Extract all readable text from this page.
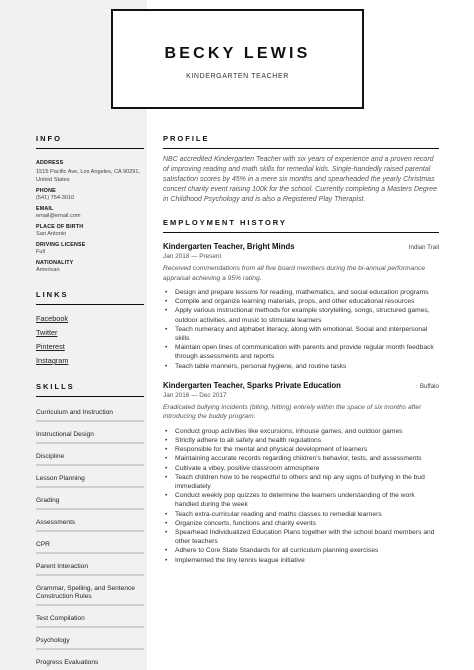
BECKY LEWIS
KINDERGARTEN TEACHER
INFO
ADDRESS
1515 Pacific Ave, Los Angeles, CA 90291, United States
PHONE
(541) 754-3010
EMAIL
email@email.com
PLACE OF BIRTH
San Antonio
DRIVING LICENSE
Full
NATIONALITY
American
LINKS
Facebook
Twitter
Pinterest
Instagram
SKILLS
Curriculum and Instruction
Instructional Design
Discipline
Lesson Planning
Grading
Assessments
CPR
Parent Interaction
Grammar, Spelling, and Sentence Construction Rules
Test Compilation
Psychology
Progress Evaluations
PROFILE
NBC accredited Kindergarten Teacher with six years of experience and a proven record of improving reading and math skills for remedial kids. Single-handedly raised parental satisfaction scores by 45% in a mere six months and spearheaded the yearly Christmas concert charity event raising 100k for the school. Currently completing a Masters Degree in Childhood Psychology and is also a Registered Play Therapist.
EMPLOYMENT HISTORY
Kindergarten Teacher, Bright Minds	Indian Trail
Jan 2018 — Present
Received commendations from all five board members during the bi-annual performance appraisal achieving a 95% rating.
• Design and prepare lessons for reading, mathematics, and social education programs
• Compile and organize learning materials, props, and other educational resources
• Apply various instructional methods for example storytelling, songs, structured games, outdoor activities, and music to stimulate learners
• Teach numeracy and alphabet literacy, along with emotional. Social and interpersonal skills
• Maintain open lines of communication with parents and provide regular month feedback through assessments and reports
• Teach table manners, personal hygiene, and routine tasks
Kindergarten Teacher, Sparks Private Education	Buffalo
Jan 2016 — Dec 2017
Eradicated bullying incidents (biting, hitting) entirely within the space of six months after introducing the buddy program.
• Conduct group activities like excursions, inhouse games, and outdoor games
• Strictly adhere to all safety and health regulations
• Responsible for the mental and physical development of learners
• Maintaining accurate records regarding children's behavior, tests, and assessments
• Cultivate a vibey, positive classroom atmosphere
• Teach children how to be respectful to others and nip any signs of bullying in the bud immediately
• Conduct weekly pop quizzes to determine the learners understanding of the work handled during the week
• Teach extra-curricular reading and maths classes to remedial learners
• Organize concerts, functions and charity events
• Spearhead Individualized Education Plans together with the school board members and other teachers
• Adhere to Core State Standards for all curriculum planning exercises
• Implemented the tiny tennis league initiative
